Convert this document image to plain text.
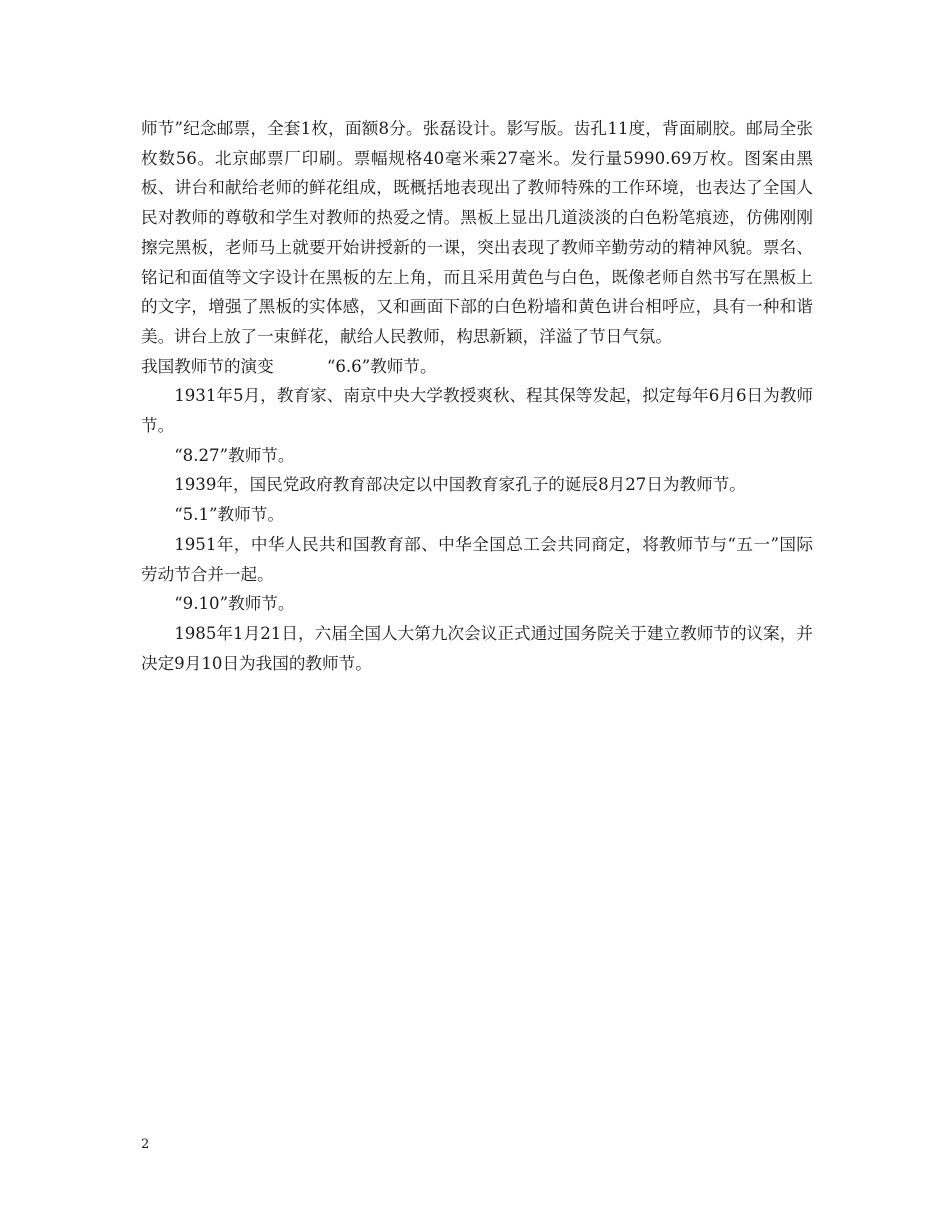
师节”纪念邮票，全套1枚，面额8分。张磊设计。影写版。齿孔11度，背面刷胶。邮局全张枚数56。北京邮票厂印刷。票幅规格40毫米乘27毫米。发行量5990.69万枚。图案由黑板、讲台和献给老师的鲜花组成，既概括地表现出了教师特殊的工作环境，也表达了全国人民对教师的尊敬和学生对教师的热爱之情。黑板上显出几道淡淡的白色粉笔痕迹，仿佛刚刚擦完黑板，老师马上就要开始讲授新的一课，突出表现了教师辛勤劳动的精神风貌。票名、铭记和面值等文字设计在黑板的左上角，而且采用黄色与白色，既像老师自然书写在黑板上的文字，增强了黑板的实体感，又和画面下部的白色粉墙和黄色讲台相呼应，具有一种和谐美。讲台上放了一束鲜花，献给人民教师，构思新颖，洋溢了节日气氛。

我国教师节的演变	“6.6”教师节。

1931年5月，教育家、南京中央大学教授爽秋、程其保等发起，拟定每年6月6日为教师节。

“8.27”教师节。

1939年，国民党政府教育部决定以中国教育家孔子的诞辰8月27日为教师节。

“5.1”教师节。

1951年，中华人民共和国教育部、中华全国总工会共同商定，将教师节与“五一”国际劳动节合并一起。

“9.10”教师节。

1985年1月21日，六届全国人大第九次会议正式通过国务院关于建立教师节的议案，并决定9月10日为我国的教师节。

2
